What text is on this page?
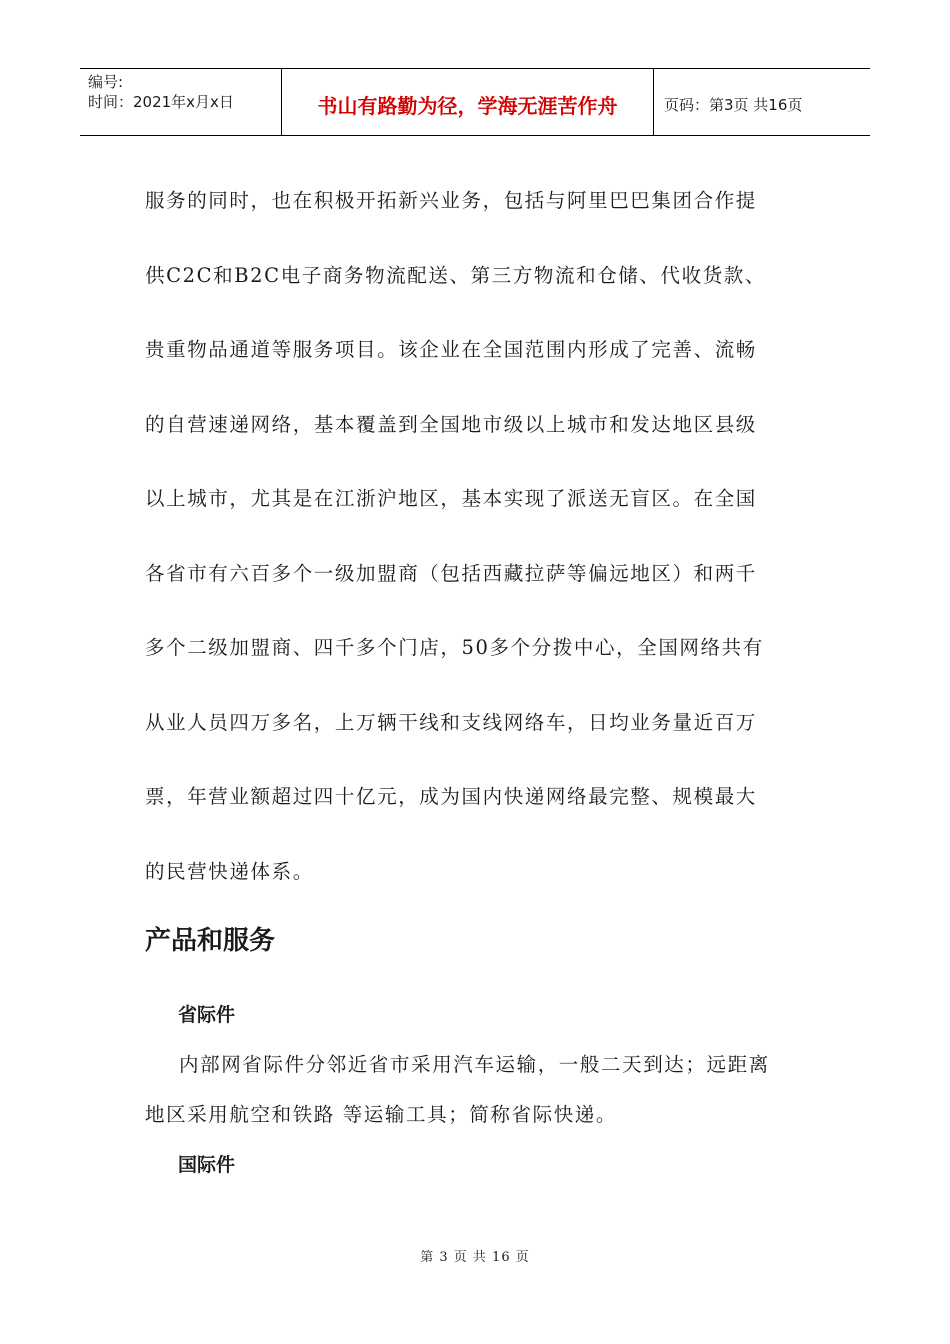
编号:
时间：2021年x月x日	书山有路勤为径，学海无涯苦作舟	页码：第3页 共16页

服务的同时，也在积极开拓新兴业务，包括与阿里巴巴集团合作提
供C2C和B2C电子商务物流配送、第三方物流和仓储、代收货款、
贵重物品通道等服务项目。该企业在全国范围内形成了完善、流畅
的自营速递网络，基本覆盖到全国地市级以上城市和发达地区县级
以上城市，尤其是在江浙沪地区，基本实现了派送无盲区。在全国
各省市有六百多个一级加盟商（包括西藏拉萨等偏远地区）和两千
多个二级加盟商、四千多个门店，50多个分拨中心，全国网络共有
从业人员四万多名，上万辆干线和支线网络车，日均业务量近百万
票，年营业额超过四十亿元，成为国内快递网络最完整、规模最大
的民营快递体系。

产品和服务
省际件

内部网省际件分邻近省市采用汽车运输，一般二天到达；远距离
地区采用航空和铁路 等运输工具；简称省际快递。

国际件
第 3 页 共 16 页
